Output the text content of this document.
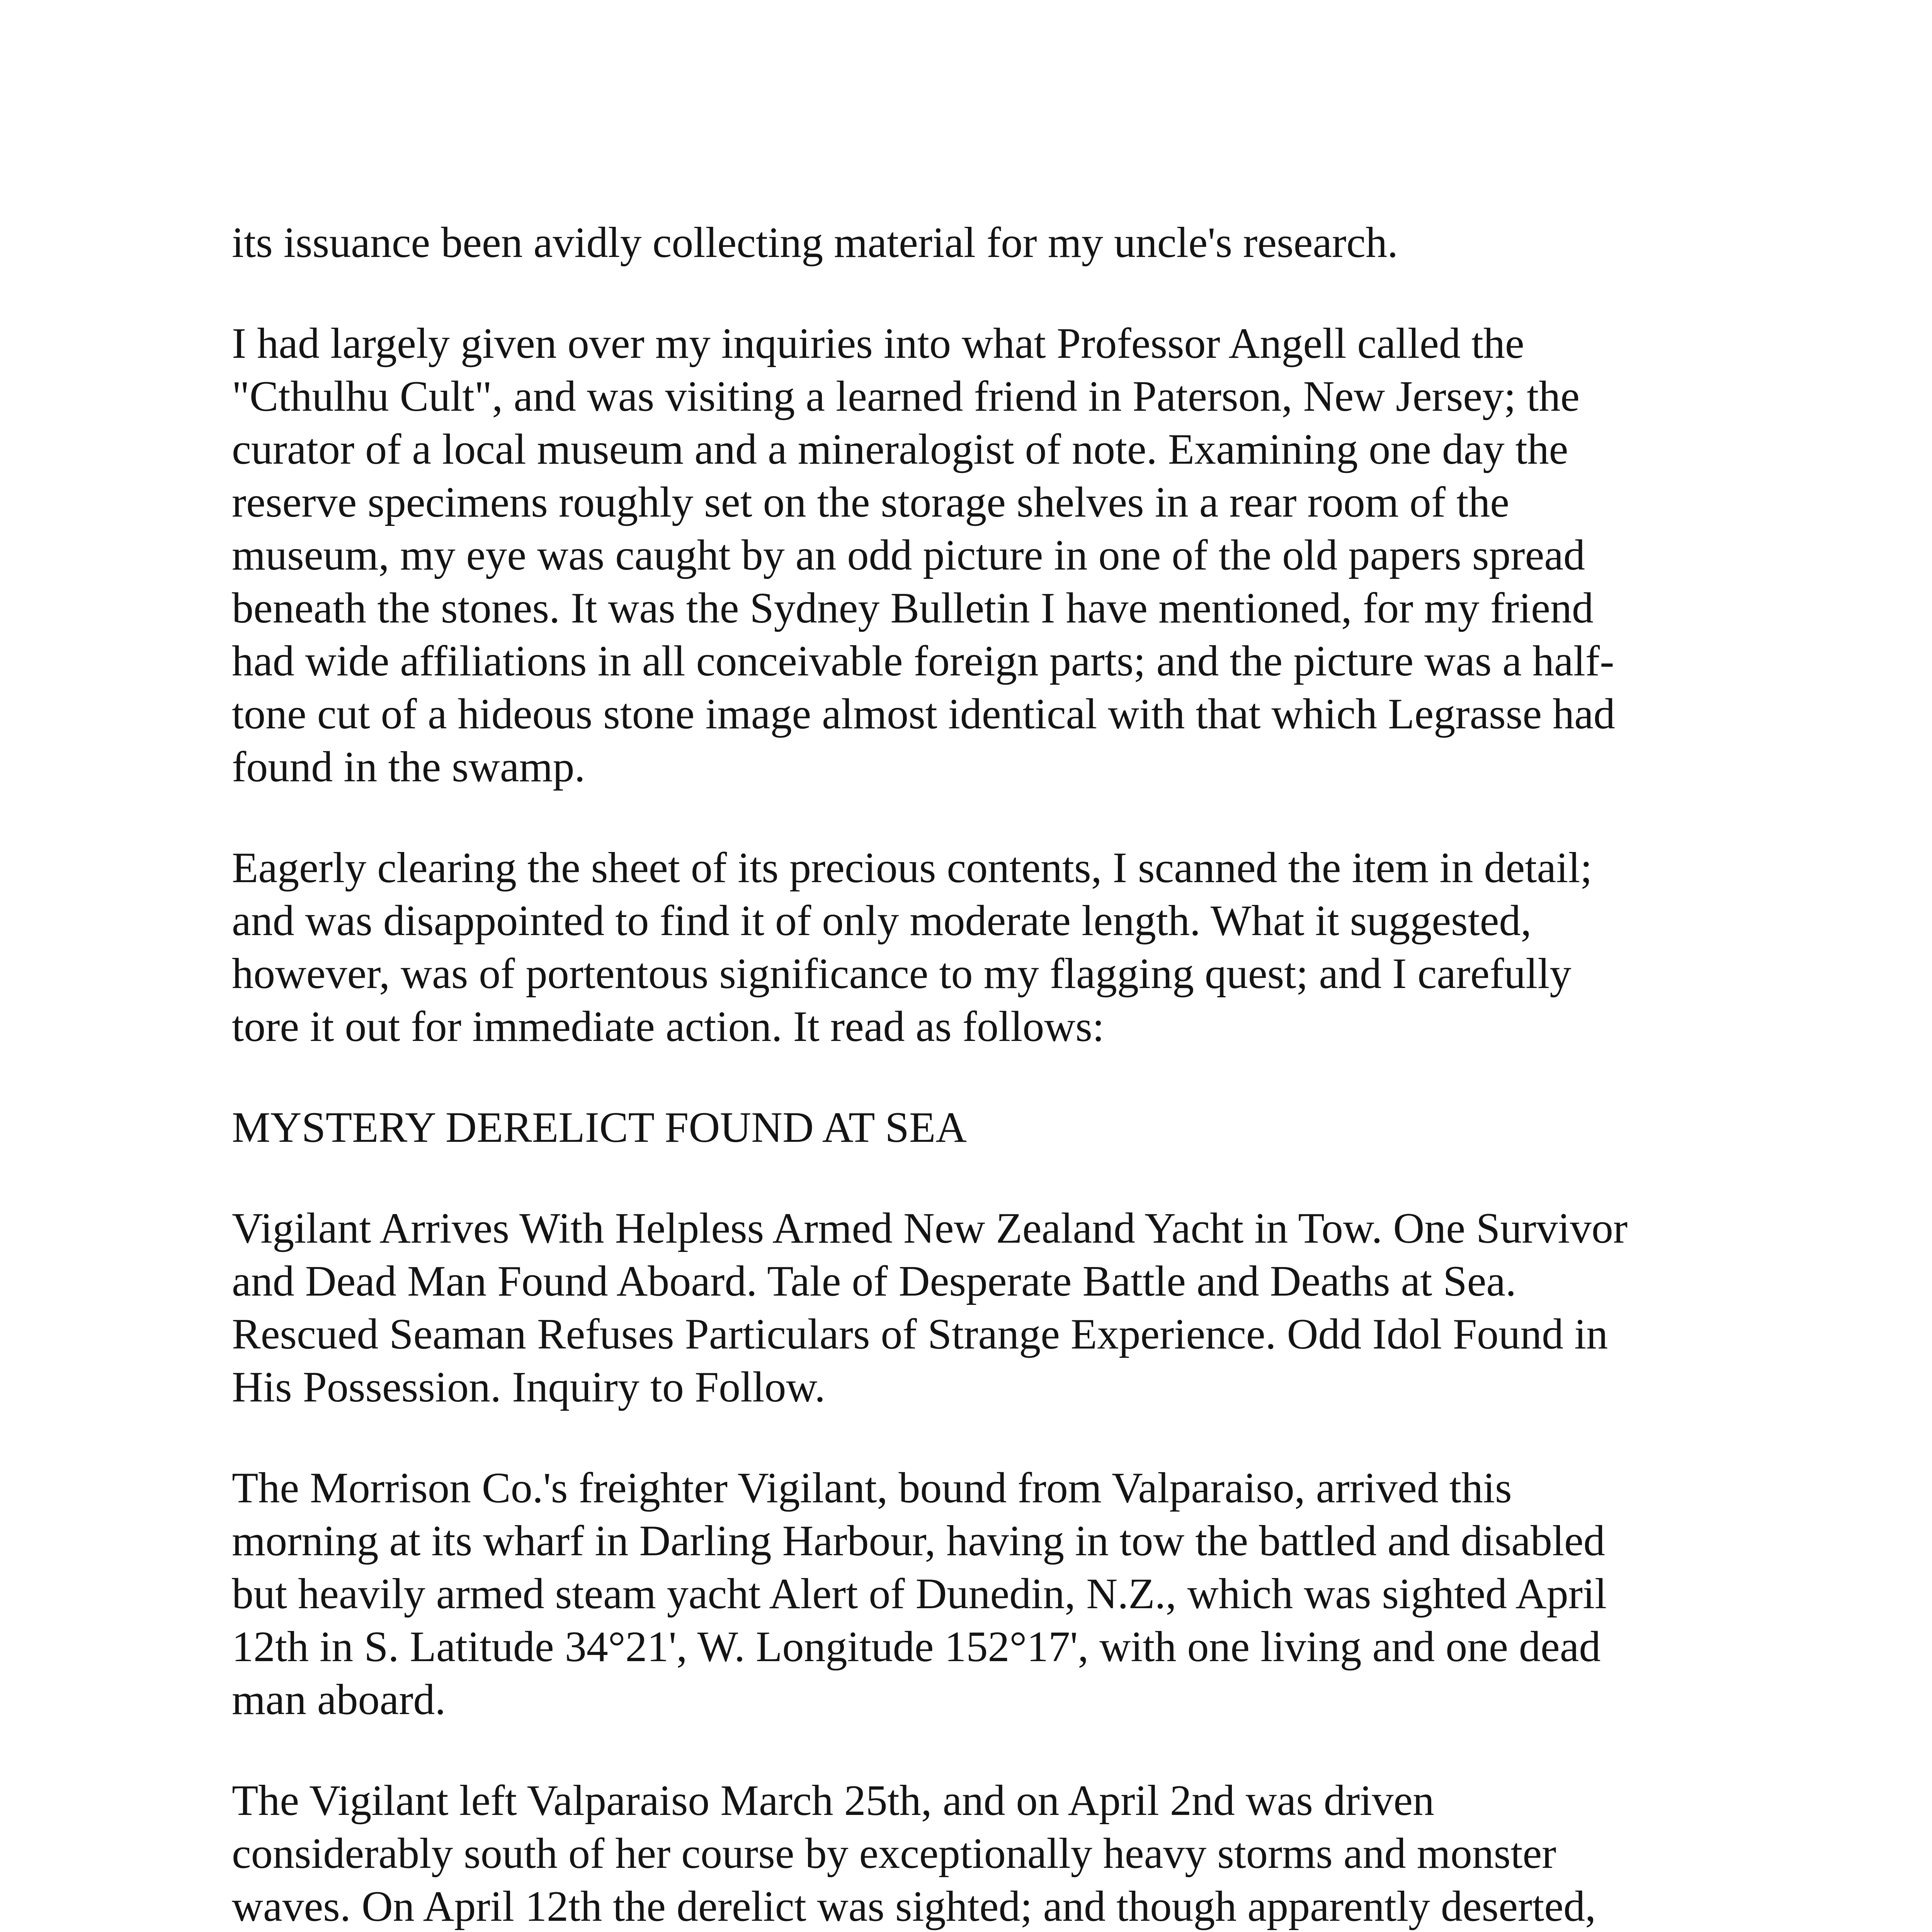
its issuance been avidly collecting material for my uncle's research.

I had largely given over my inquiries into what Professor Angell called the
"Cthulhu Cult", and was visiting a learned friend in Paterson, New Jersey; the
curator of a local museum and a mineralogist of note. Examining one day the
reserve specimens roughly set on the storage shelves in a rear room of the
museum, my eye was caught by an odd picture in one of the old papers spread
beneath the stones. It was the Sydney Bulletin I have mentioned, for my friend
had wide affiliations in all conceivable foreign parts; and the picture was a half-
tone cut of a hideous stone image almost identical with that which Legrasse had
found in the swamp.

Eagerly clearing the sheet of its precious contents, I scanned the item in detail;
and was disappointed to find it of only moderate length. What it suggested,
however, was of portentous significance to my flagging quest; and I carefully
tore it out for immediate action. It read as follows:

MYSTERY DERELICT FOUND AT SEA

Vigilant Arrives With Helpless Armed New Zealand Yacht in Tow. One Survivor
and Dead Man Found Aboard. Tale of Desperate Battle and Deaths at Sea.
Rescued Seaman Refuses Particulars of Strange Experience. Odd Idol Found in
His Possession. Inquiry to Follow.

The Morrison Co.'s freighter Vigilant, bound from Valparaiso, arrived this
morning at its wharf in Darling Harbour, having in tow the battled and disabled
but heavily armed steam yacht Alert of Dunedin, N.Z., which was sighted April
12th in S. Latitude 34°21', W. Longitude 152°17', with one living and one dead
man aboard.

The Vigilant left Valparaiso March 25th, and on April 2nd was driven
considerably south of her course by exceptionally heavy storms and monster
waves. On April 12th the derelict was sighted; and though apparently deserted,
